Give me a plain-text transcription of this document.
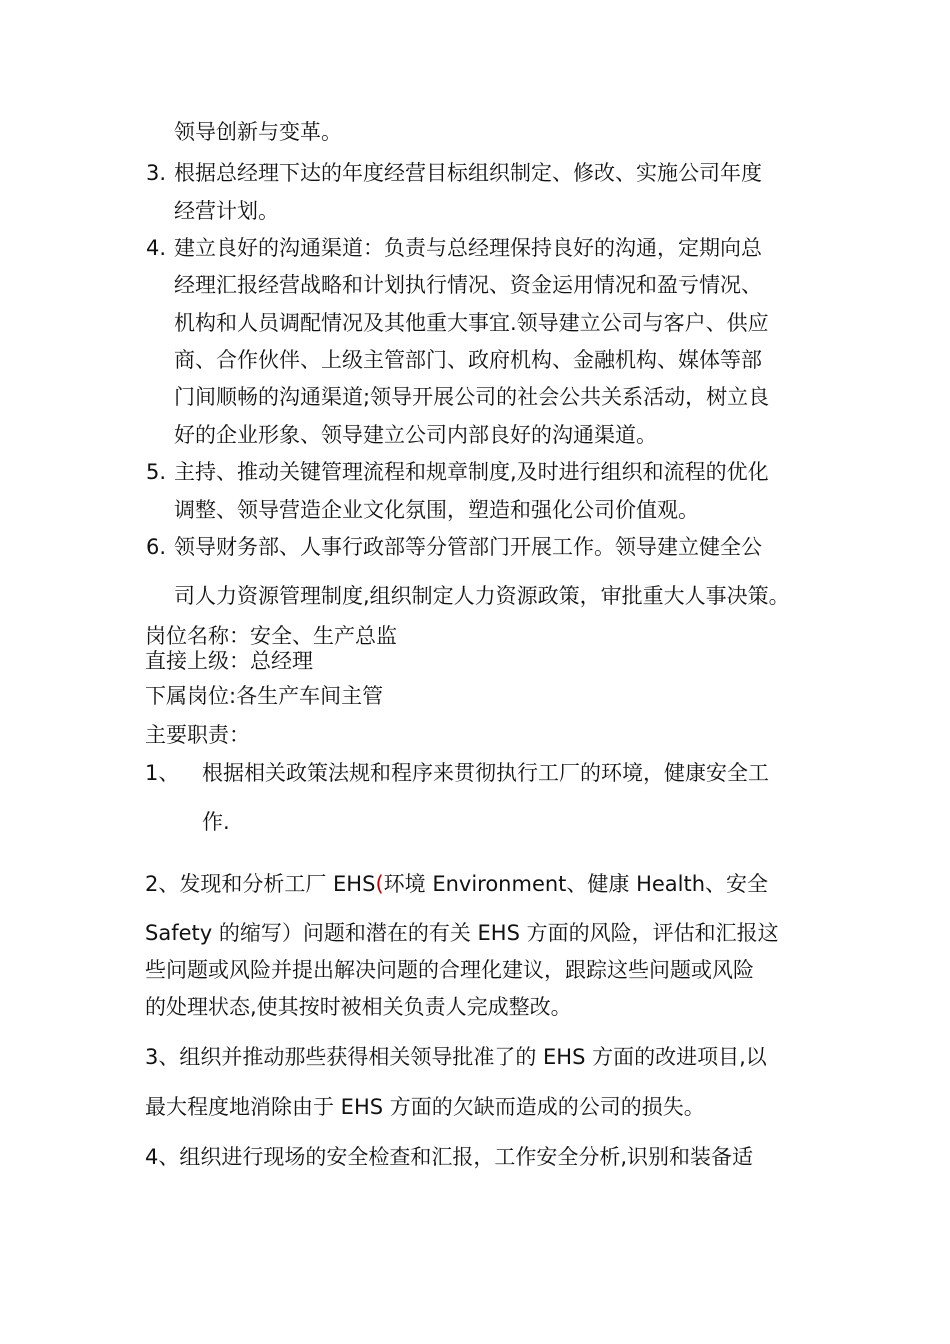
领导创新与变革。
3. 根据总经理下达的年度经营目标组织制定、修改、实施公司年度
经营计划。
4. 建立良好的沟通渠道：负责与总经理保持良好的沟通，定期向总
经理汇报经营战略和计划执行情况、资金运用情况和盈亏情况、
机构和人员调配情况及其他重大事宜.领导建立公司与客户、供应
商、合作伙伴、上级主管部门、政府机构、金融机构、媒体等部
门间顺畅的沟通渠道;领导开展公司的社会公共关系活动，树立良
好的企业形象、领导建立公司内部良好的沟通渠道。
5. 主持、推动关键管理流程和规章制度,及时进行组织和流程的优化
调整、领导营造企业文化氛围，塑造和强化公司价值观。
6. 领导财务部、人事行政部等分管部门开展工作。领导建立健全公
司人力资源管理制度,组织制定人力资源政策，审批重大人事决策。
岗位名称：安全、生产总监
直接上级：总经理
下属岗位:各生产车间主管
主要职责：
1、 根据相关政策法规和程序来贯彻执行工厂的环境，健康安全工
作.
2、发现和分析工厂 EHS(环境 Environment、健康 Health、安全
Safety 的缩写）问题和潜在的有关 EHS 方面的风险，评估和汇报这
些问题或风险并提出解决问题的合理化建议，跟踪这些问题或风险
的处理状态,使其按时被相关负责人完成整改。
3、组织并推动那些获得相关领导批准了的 EHS 方面的改进项目,以
最大程度地消除由于 EHS 方面的欠缺而造成的公司的损失。
4、组织进行现场的安全检查和汇报，工作安全分析,识别和装备适
